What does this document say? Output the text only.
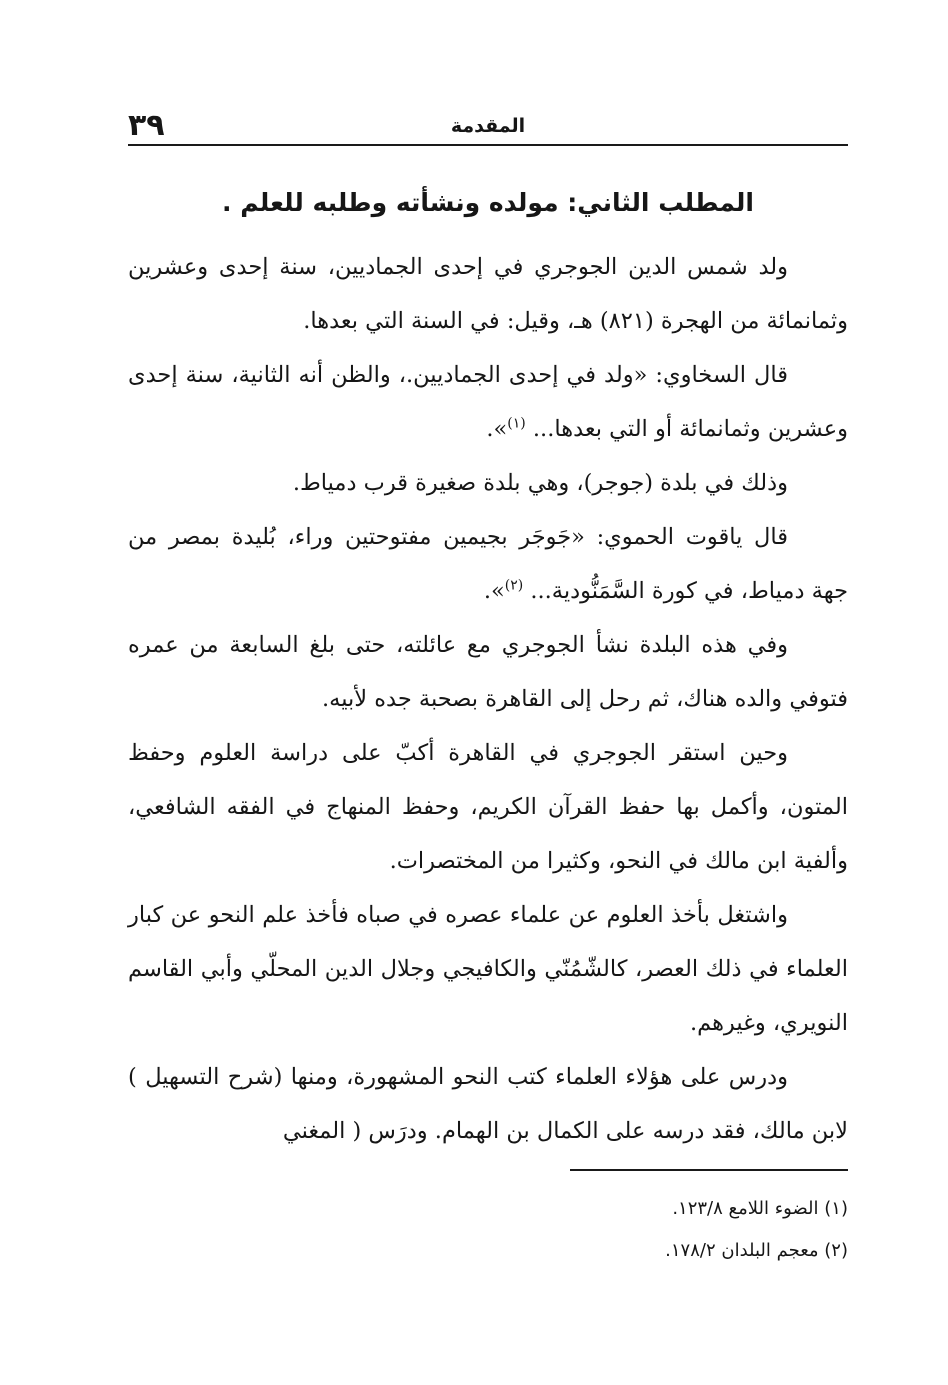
٣٩	المقدمة
المطلب الثاني: مولده ونشأته وطلبه للعلم .

ولد شمس الدين الجوجري في إحدى الجماديين، سنة إحدى وعشرين وثمانمائة من الهجرة (٨٢١) هـ، وقيل: في السنة التي بعدها.

قال السخاوي: «ولد في إحدى الجماديين.، والظن أنه الثانية، سنة إحدى وعشرين وثمانمائة أو التي بعدها... $^{(١)}$».

وذلك في بلدة (جوجر)، وهي بلدة صغيرة قرب دمياط.

قال ياقوت الحموي: «جَوجَر بجيمين مفتوحتين وراء، بُليدة بمصر من جهة دمياط، في كورة السَّمَنُّودية... $^{(٢)}$».

وفي هذه البلدة نشأ الجوجري مع عائلته، حتى بلغ السابعة من عمره فتوفي والده هناك، ثم رحل إلى القاهرة بصحبة جده لأبيه.

وحين استقر الجوجري في القاهرة أكبّ على دراسة العلوم وحفظ المتون، وأكمل بها حفظ القرآن الكريم، وحفظ المنهاج في الفقه الشافعي، وألفية ابن مالك في النحو، وكثيرا من المختصرات.

واشتغل بأخذ العلوم عن علماء عصره في صباه فأخذ علم النحو عن كبار العلماء في ذلك العصر، كالشّمُنّي والكافيجي وجلال الدين المحلّي وأبي القاسم النويري، وغيرهم.

ودرس على هؤلاء العلماء كتب النحو المشهورة، ومنها (شرح التسهيل ) لابن مالك، فقد درسه على الكمال بن الهمام. ودرَس ( المغني

(١) الضوء اللامع ١٢٣/٨.

(٢) معجم البلدان ١٧٨/٢.
